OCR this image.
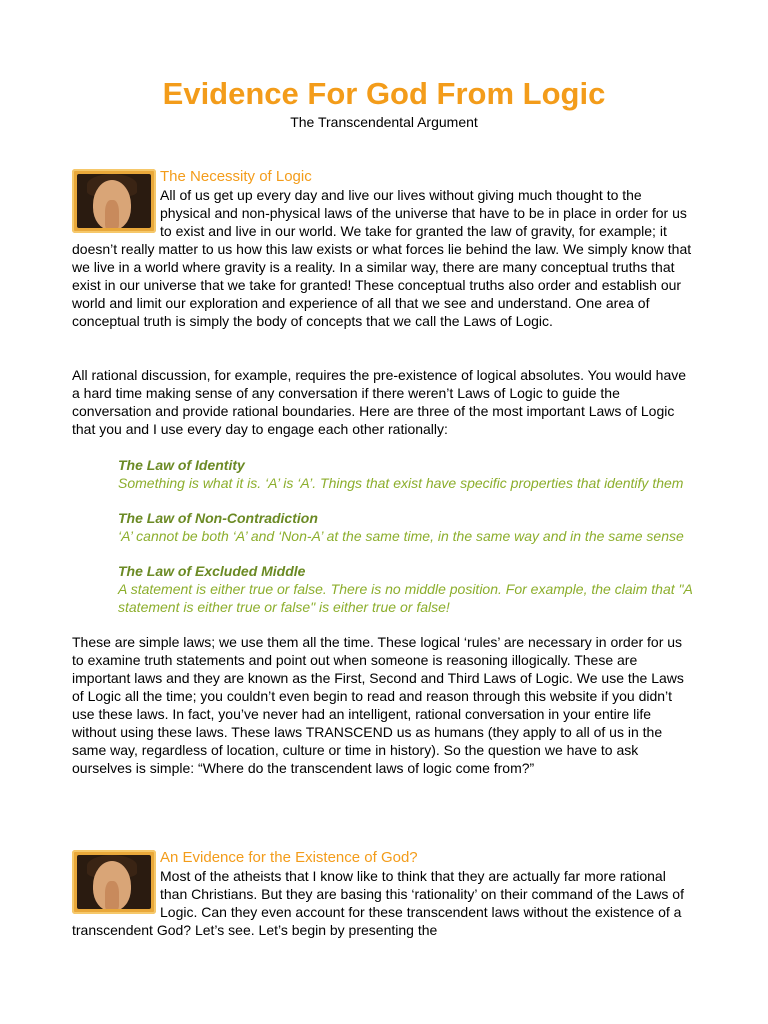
Evidence For God From Logic
The Transcendental Argument

The Necessity of Logic

All of us get up every day and live our lives without giving much thought to the physical and non-physical laws of the universe that have to be in place in order for us to exist and live in our world. We take for granted the law of gravity, for example; it doesn’t really matter to us how this law exists or what forces lie behind the law. We simply know that we live in a world where gravity is a reality. In a similar way, there are many conceptual truths that exist in our universe that we take for granted! These conceptual truths also order and establish our world and limit our exploration and experience of all that we see and understand. One area of conceptual truth is simply the body of concepts that we call the Laws of Logic.

All rational discussion, for example, requires the pre-existence of logical absolutes. You would have a hard time making sense of any conversation if there weren’t Laws of Logic to guide the conversation and provide rational boundaries. Here are three of the most important Laws of Logic that you and I use every day to engage each other rationally:

The Law of Identity
Something is what it is. ‘A’ is ‘A’. Things that exist have specific properties that identify them
The Law of Non-Contradiction
‘A’ cannot be both ‘A’ and ‘Non-A’ at the same time, in the same way and in the same sense
The Law of Excluded Middle
A statement is either true or false. There is no middle position. For example, the claim that "A statement is either true or false" is either true or false!

These are simple laws; we use them all the time. These logical ‘rules’ are necessary in order for us to examine truth statements and point out when someone is reasoning illogically. These are important laws and they are known as the First, Second and Third Laws of Logic. We use the Laws of Logic all the time; you couldn’t even begin to read and reason through this website if you didn’t use these laws. In fact, you’ve never had an intelligent, rational conversation in your entire life without using these laws. These laws TRANSCEND us as humans (they apply to all of us in the same way, regardless of location, culture or time in history). So the question we have to ask ourselves is simple: “Where do the transcendent laws of logic come from?”

An Evidence for the Existence of God?

Most of the atheists that I know like to think that they are actually far more rational than Christians. But they are basing this ‘rationality’ on their command of the Laws of Logic. Can they even account for these transcendent laws without the existence of a transcendent God? Let’s see. Let’s begin by presenting the
